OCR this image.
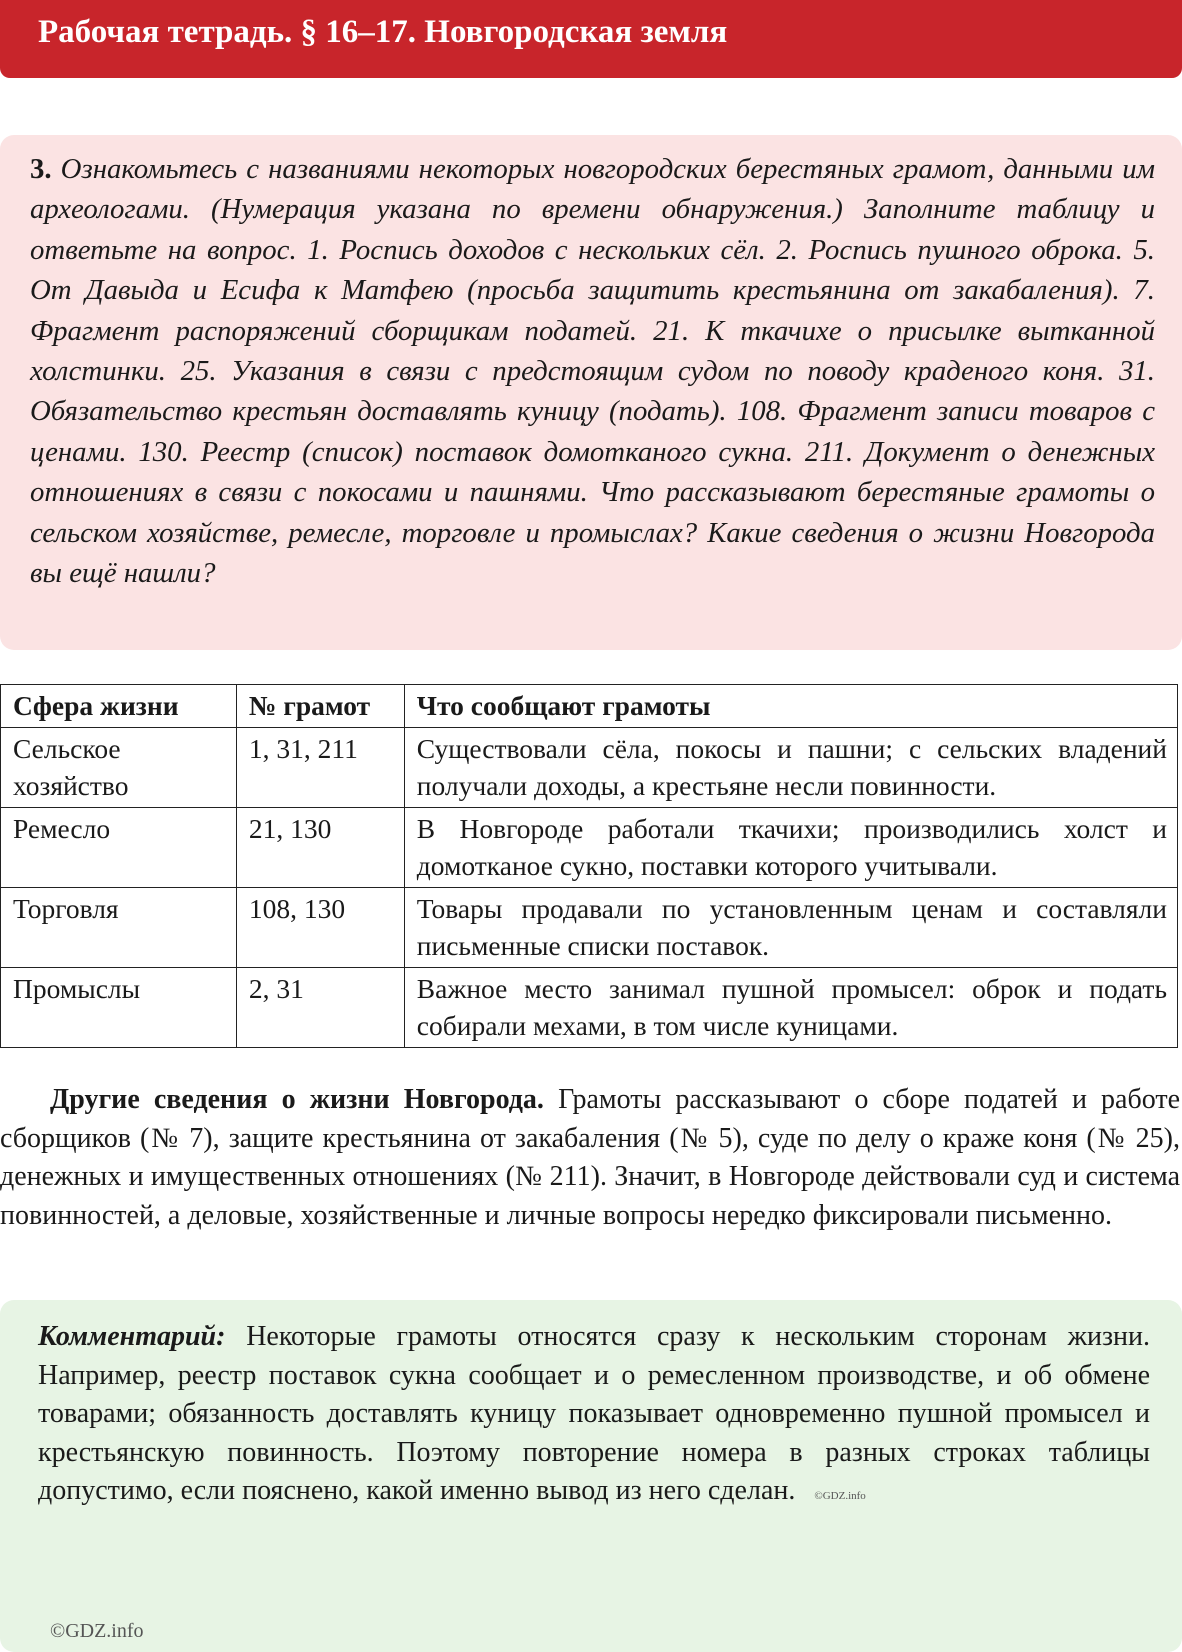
Рабочая тетрадь. § 16–17. Новгородская земля

3. Ознакомьтесь с названиями некоторых новгородских берестяных грамот, данными им археологами. (Нумерация указана по времени обнаружения.) Заполните таблицу и ответьте на вопрос. 1. Роспись доходов с нескольких сёл. 2. Роспись пушного оброка. 5. От Давыда и Есифа к Матфею (просьба защитить крестьянина от закабаления). 7. Фрагмент распоряжений сборщикам податей. 21. К ткачихе о присылке вытканной холстинки. 25. Указания в связи с предстоящим судом по поводу краденого коня. 31. Обязательство крестьян доставлять куницу (подать). 108. Фрагмент записи товаров с ценами. 130. Реестр (список) поставок домотканого сукна. 211. Документ о денежных отношениях в связи с покосами и пашнями. Что рассказывают берестяные грамоты о сельском хозяйстве, ремесле, торговле и промыслах? Какие сведения о жизни Новгорода вы ещё нашли?

Сфера жизни	№ грамот	Что сообщают грамоты
Сельское хозяйство	1, 31, 211	Существовали сёла, покосы и пашни; с сельских владений получали доходы, а крестьяне несли повинности.
Ремесло	21, 130	В Новгороде работали ткачихи; производились холст и домотканое сукно, поставки которого учитывали.
Торговля	108, 130	Товары продавали по установленным ценам и составляли письменные списки поставок.
Промыслы	2, 31	Важное место занимал пушной промысел: оброк и подать собирали мехами, в том числе куницами.

Другие сведения о жизни Новгорода. Грамоты рассказывают о сборе податей и работе сборщиков (№ 7), защите крестьянина от закабаления (№ 5), суде по делу о краже коня (№ 25), денежных и имущественных отношениях (№ 211). Значит, в Новгороде действовали суд и система повинностей, а деловые, хозяйственные и личные вопросы нередко фиксировали письменно.

Комментарий: Некоторые грамоты относятся сразу к нескольким сторонам жизни. Например, реестр поставок сукна сообщает и о ремесленном производстве, и об обмене товарами; обязанность доставлять куницу показывает одновременно пушной промысел и крестьянскую повинность. Поэтому повторение номера в разных строках таблицы допустимо, если пояснено, какой именно вывод из него сделан. ©GDZ.info

©GDZ.info
